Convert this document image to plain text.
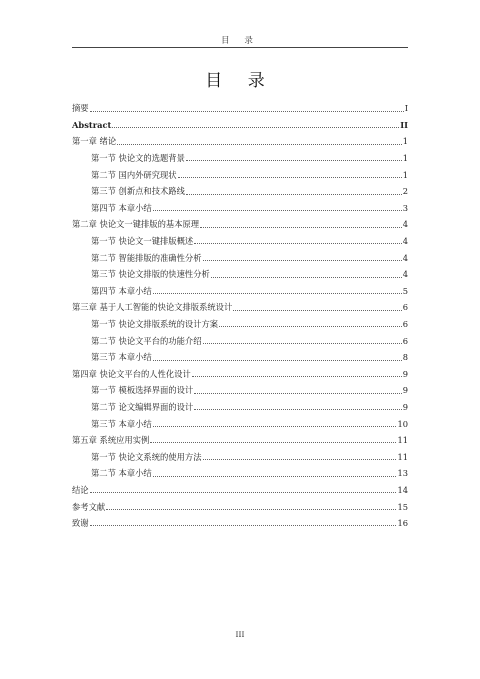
目 录
目 录
摘要	I
Abstract	II
第一章 绪论	1
第一节 快论文的选题背景	1
第二节 国内外研究现状	1
第三节 创新点和技术路线	2
第四节 本章小结	3
第二章 快论文一键排版的基本原理	4
第一节 快论文一键排版概述	4
第二节 智能排版的准确性分析	4
第三节 快论文排版的快速性分析	4
第四节 本章小结	5
第三章 基于人工智能的快论文排版系统设计	6
第一节 快论文排版系统的设计方案	6
第二节 快论文平台的功能介绍	6
第三节 本章小结	8
第四章 快论文平台的人性化设计	9
第一节 模板选择界面的设计	9
第二节 论文编辑界面的设计	9
第三节 本章小结	10
第五章 系统应用实例	11
第一节 快论文系统的使用方法	11
第二节 本章小结	13
结论	14
参考文献	15
致谢	16
III
